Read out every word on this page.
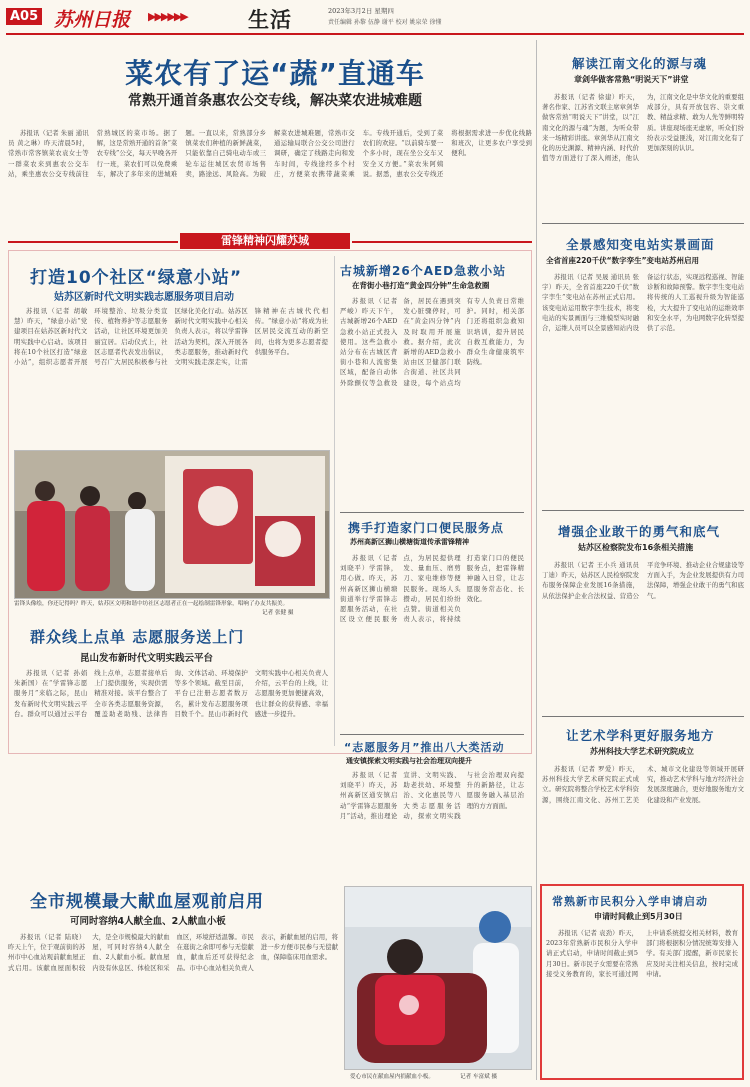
A05 苏州日报 ▶▶▶▶▶▶	生活	2023年3月2日 星期四
责任编辑 孙黎 伍静 谢平 校对 姚泉荣 徐懂
菜农有了运“蔬”直通车
常熟开通首条惠农公交专线，解决菜农进城难题

苏报讯（记者 朱丽 通讯员 黄之琳）昨天清晨5时，常熟市常客镇菜农袁女士等一群菜农来到惠农公交车站，乘坐惠农公交专线前往常熟城区的菜市场。据了解，这是常熟开通的首条“菜农专线”公交，每天早晚各开行一班，菜农们可以免费乘车，解决了多年来的进城难题。一直以来，常熟部分乡镇菜农们种植的新鲜蔬菜，只能依靠自己骑电动车或三轮车运往城区农贸市场售卖，路途远、风险高。为破解菜农进城难题，常熟市交通运输局联合公交公司进行调研，确定了线路走向和发车时间，专线途经多个村庄，方便菜农携带蔬菜乘车。专线开通后，受到了菜农们的欢迎。“以前骑车要一个多小时，现在坐公交车又安全又方便。”菜农朱阿姨说。据悉，惠农公交专线还将根据需求进一步优化线路和班次，让更多农户享受到便利。

雷锋精神闪耀苏城
打造10个社区“绿意小站”
姑苏区新时代文明实践志愿服务项目启动

苏报讯（记者 胡敏慧）昨天，“绿意小站”党建项目在姑苏区新时代文明实践中心启动。该项目将在10个社区打造“绿意小站”，组织志愿者开展环境整治、垃圾分类宣传、植物养护等志愿服务活动，让社区环境更加美丽宜居。启动仪式上，社区志愿者代表发出倡议，号召广大居民积极参与社区绿化美化行动。姑苏区新时代文明实践中心相关负责人表示，将以学雷锋活动为契机，深入开展各类志愿服务，推动新时代文明实践走深走实，让雷锋精神在古城代代相传。“绿意小站”将成为社区居民交流互动的新空间，也将为更多志愿者提供服务平台。

雷锋头像绘，你还记得吗？昨天，姑苏区文明和谐中坊社区志愿者正在一起绘制雷锋形象，唱响了办友共振美。
记者 张健 摄
群众线上点单 志愿服务送上门
昆山发布新时代文明实践云平台

苏报讯（记者 孙娟 朱新国）在“学雷锋志愿服务月”来临之际，昆山发布新时代文明实践云平台。群众可以通过云平台线上点单，志愿者接单后上门提供服务，实现供需精准对接。该平台整合了全市各类志愿服务资源，覆盖助老助残、法律咨询、文体活动、环境保护等多个领域。截至目前，平台已注册志愿者数万名，累计发布志愿服务项目数千个。昆山市新时代文明实践中心相关负责人介绍，云平台的上线，让志愿服务更加便捷高效，也让群众的获得感、幸福感进一步提升。

古城新增26个AED急救小站
在背街小巷打造“黄金四分钟”生命急救圈

苏报讯（记者 严峻）昨天下午，古城新增26个AED急救小站正式投入使用。这些急救小站分布在古城区背街小巷和人流密集区域，配备自动体外除颤仪等急救设备，居民在遇到突发心脏骤停时，可在“黄金四分钟”内及时取用开展施救。据介绍，此次新增的AED急救小站由区卫健部门联合街道、社区共同建设，每个站点均有专人负责日常维护。同时，相关部门还将组织急救知识培训，提升居民自救互救能力，为群众生命健康筑牢防线。

携手打造家门口便民服务点
苏州高新区狮山横塘街道传承雷锋精神

苏报讯（记者 刘晓平）学雷锋，用心做。昨天，苏州高新区狮山横塘街道举行学雷锋志愿服务活动，在社区设立便民服务点，为居民提供理发、量血压、磨剪刀、家电维修等便民服务。现场人头攒动，居民们纷纷点赞。街道相关负责人表示，将持续打造家门口的便民服务点，把雷锋精神融入日常，让志愿服务常态化、长效化。

“志愿服务月”推出八大类活动
通安镇探索文明实践与社会治理双向提升

苏报讯（记者 刘晓平）昨天，苏州高新区通安镇启动“学雷锋志愿服务月”活动，推出理论宣讲、文明实践、助老扶幼、环境整治、文化惠民等八大类志愿服务活动，探索文明实践与社会治理双向提升的新路径，让志愿服务融入基层治理的方方面面。

全市规模最大献血屋观前启用
可同时容纳4人献全血、2人献血小板

苏报讯（记者 陆晓）昨天上午，位于观前街的苏州市中心血站观前献血屋正式启用。该献血屋面积较大，是全市规模最大的献血屋，可同时容纳4人献全血、2人献血小板。献血屋内设有休息区、体检区和采血区，环境舒适温馨。市民在逛街之余即可参与无偿献血，献血后还可获得纪念品。市中心血站相关负责人表示，新献血屋的启用，将进一步方便市民参与无偿献血，保障临床用血需求。

爱心市民在献血屋内捐献血小板。	记者 车富斌 摄
解读江南文化的源与魂
章剑华做客常熟“明说天下”讲堂

苏报讯（记者 徐建）昨天，著名作家、江苏省文联主席章剑华做客常熟“明说天下”讲堂，以“江南文化的源与魂”为题，为听众带来一场精彩讲座。章剑华从江南文化的历史渊源、精神内涵、时代价值等方面进行了深入阐述，他认为，江南文化是中华文化的重要组成部分，具有开放包容、崇文重教、精益求精、敢为人先等鲜明特质。讲座现场座无虚席，听众们纷纷表示受益匪浅，对江南文化有了更加深刻的认识。

全景感知变电站实景画面
全省首座220千伏“数字孪生”变电站苏州启用

苏报讯（记者 吴晟 通讯员 张宇）昨天，全省首座220千伏“数字孪生”变电站在苏州正式启用。该变电站运用数字孪生技术，将变电站的实景画面与三维模型实时融合，运维人员可以全景感知站内设备运行状态，实现远程巡视、智能诊断和故障预警。数字孪生变电站将传统的人工巡视升级为智能巡检，大大提升了变电站的运维效率和安全水平，为电网数字化转型提供了示范。

增强企业敢干的勇气和底气
姑苏区检察院发布16条相关措施

苏报讯（记者 王小兵 通讯员 丁迪）昨天，姑苏区人民检察院发布服务保障企业发展16条措施，从依法保护企业合法权益、营造公平竞争环境、推动企业合规建设等方面入手，为企业发展提供有力司法保障，增强企业敢干的勇气和底气。

让艺术学科更好服务地方
苏州科技大学艺术研究院成立

苏报讯（记者 罗爱）昨天，苏州科技大学艺术研究院正式成立。研究院将整合学校艺术学科资源，围绕江南文化、苏州工艺美术、城市文化建设等领域开展研究，推动艺术学科与地方经济社会发展深度融合，更好地服务地方文化建设和产业发展。

常熟新市民积分入学申请启动
申请时间截止到5月30日

苏报讯（记者 袁劲）昨天，2023年常熟新市民积分入学申请正式启动，申请时间截止到5月30日。新市民子女需要在常熟接受义务教育的，家长可通过网上申请系统提交相关材料，教育部门将根据积分情况统筹安排入学。有关部门提醒，新市民家长应及时关注相关信息，按时完成申请。
